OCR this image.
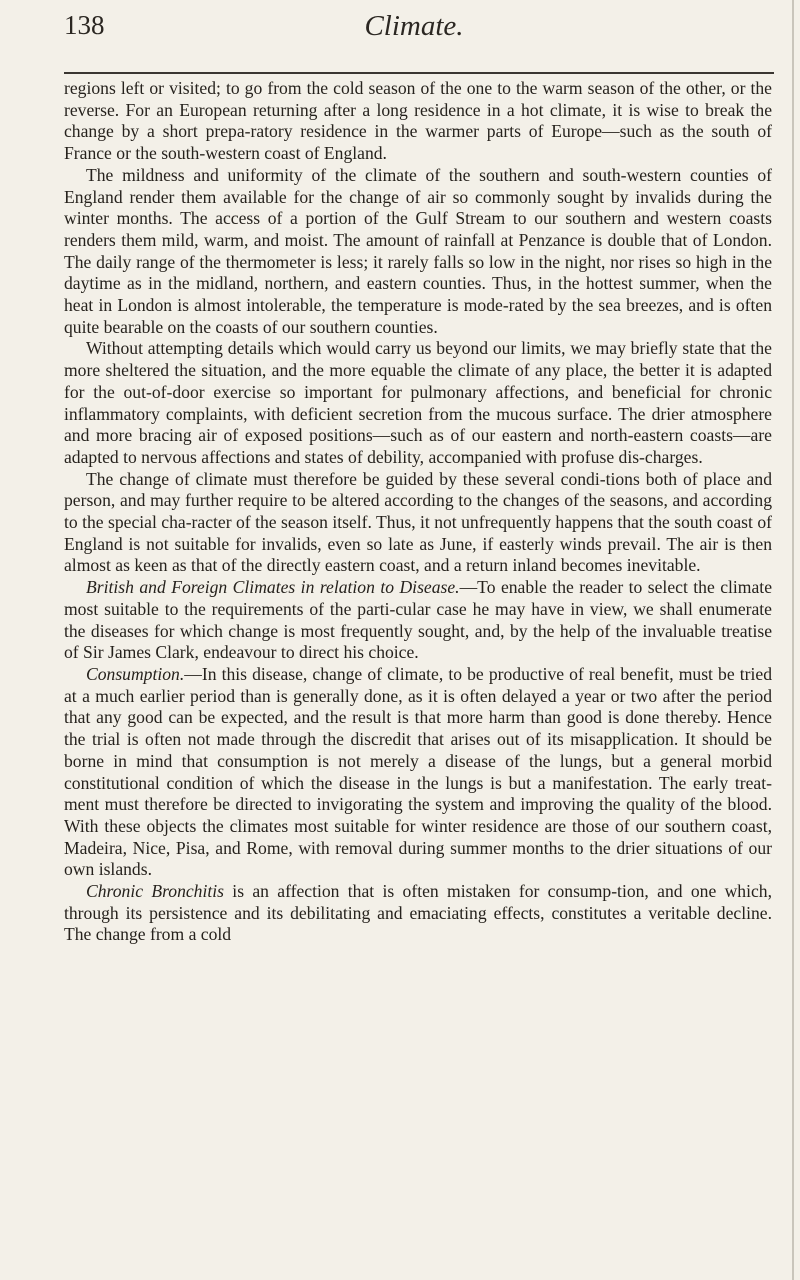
138	Climate.

regions left or visited; to go from the cold season of the one to the warm season of the other, or the reverse. For an European returning after a long residence in a hot climate, it is wise to break the change by a short prepa-ratory residence in the warmer parts of Europe—such as the south of France or the south-western coast of England.

The mildness and uniformity of the climate of the southern and south-western counties of England render them available for the change of air so commonly sought by invalids during the winter months. The access of a portion of the Gulf Stream to our southern and western coasts renders them mild, warm, and moist. The amount of rainfall at Penzance is double that of London. The daily range of the thermometer is less; it rarely falls so low in the night, nor rises so high in the daytime as in the midland, northern, and eastern counties. Thus, in the hottest summer, when the heat in London is almost intolerable, the temperature is mode-rated by the sea breezes, and is often quite bearable on the coasts of our southern counties.

Without attempting details which would carry us beyond our limits, we may briefly state that the more sheltered the situation, and the more equable the climate of any place, the better it is adapted for the out-of-door exercise so important for pulmonary affections, and beneficial for chronic inflammatory complaints, with deficient secretion from the mucous surface. The drier atmosphere and more bracing air of exposed positions—such as of our eastern and north-eastern coasts—are adapted to nervous affections and states of debility, accompanied with profuse dis-charges.

The change of climate must therefore be guided by these several condi-tions both of place and person, and may further require to be altered according to the changes of the seasons, and according to the special cha-racter of the season itself. Thus, it not unfrequently happens that the south coast of England is not suitable for invalids, even so late as June, if easterly winds prevail. The air is then almost as keen as that of the directly eastern coast, and a return inland becomes inevitable.

British and Foreign Climates in relation to Disease.—To enable the reader to select the climate most suitable to the requirements of the parti-cular case he may have in view, we shall enumerate the diseases for which change is most frequently sought, and, by the help of the invaluable treatise of Sir James Clark, endeavour to direct his choice.

Consumption.—In this disease, change of climate, to be productive of real benefit, must be tried at a much earlier period than is generally done, as it is often delayed a year or two after the period that any good can be expected, and the result is that more harm than good is done thereby. Hence the trial is often not made through the discredit that arises out of its misapplication. It should be borne in mind that consumption is not merely a disease of the lungs, but a general morbid constitutional condition of which the disease in the lungs is but a manifestation. The early treat-ment must therefore be directed to invigorating the system and improving the quality of the blood. With these objects the climates most suitable for winter residence are those of our southern coast, Madeira, Nice, Pisa, and Rome, with removal during summer months to the drier situations of our own islands.

Chronic Bronchitis is an affection that is often mistaken for consump-tion, and one which, through its persistence and its debilitating and emaciating effects, constitutes a veritable decline. The change from a cold
